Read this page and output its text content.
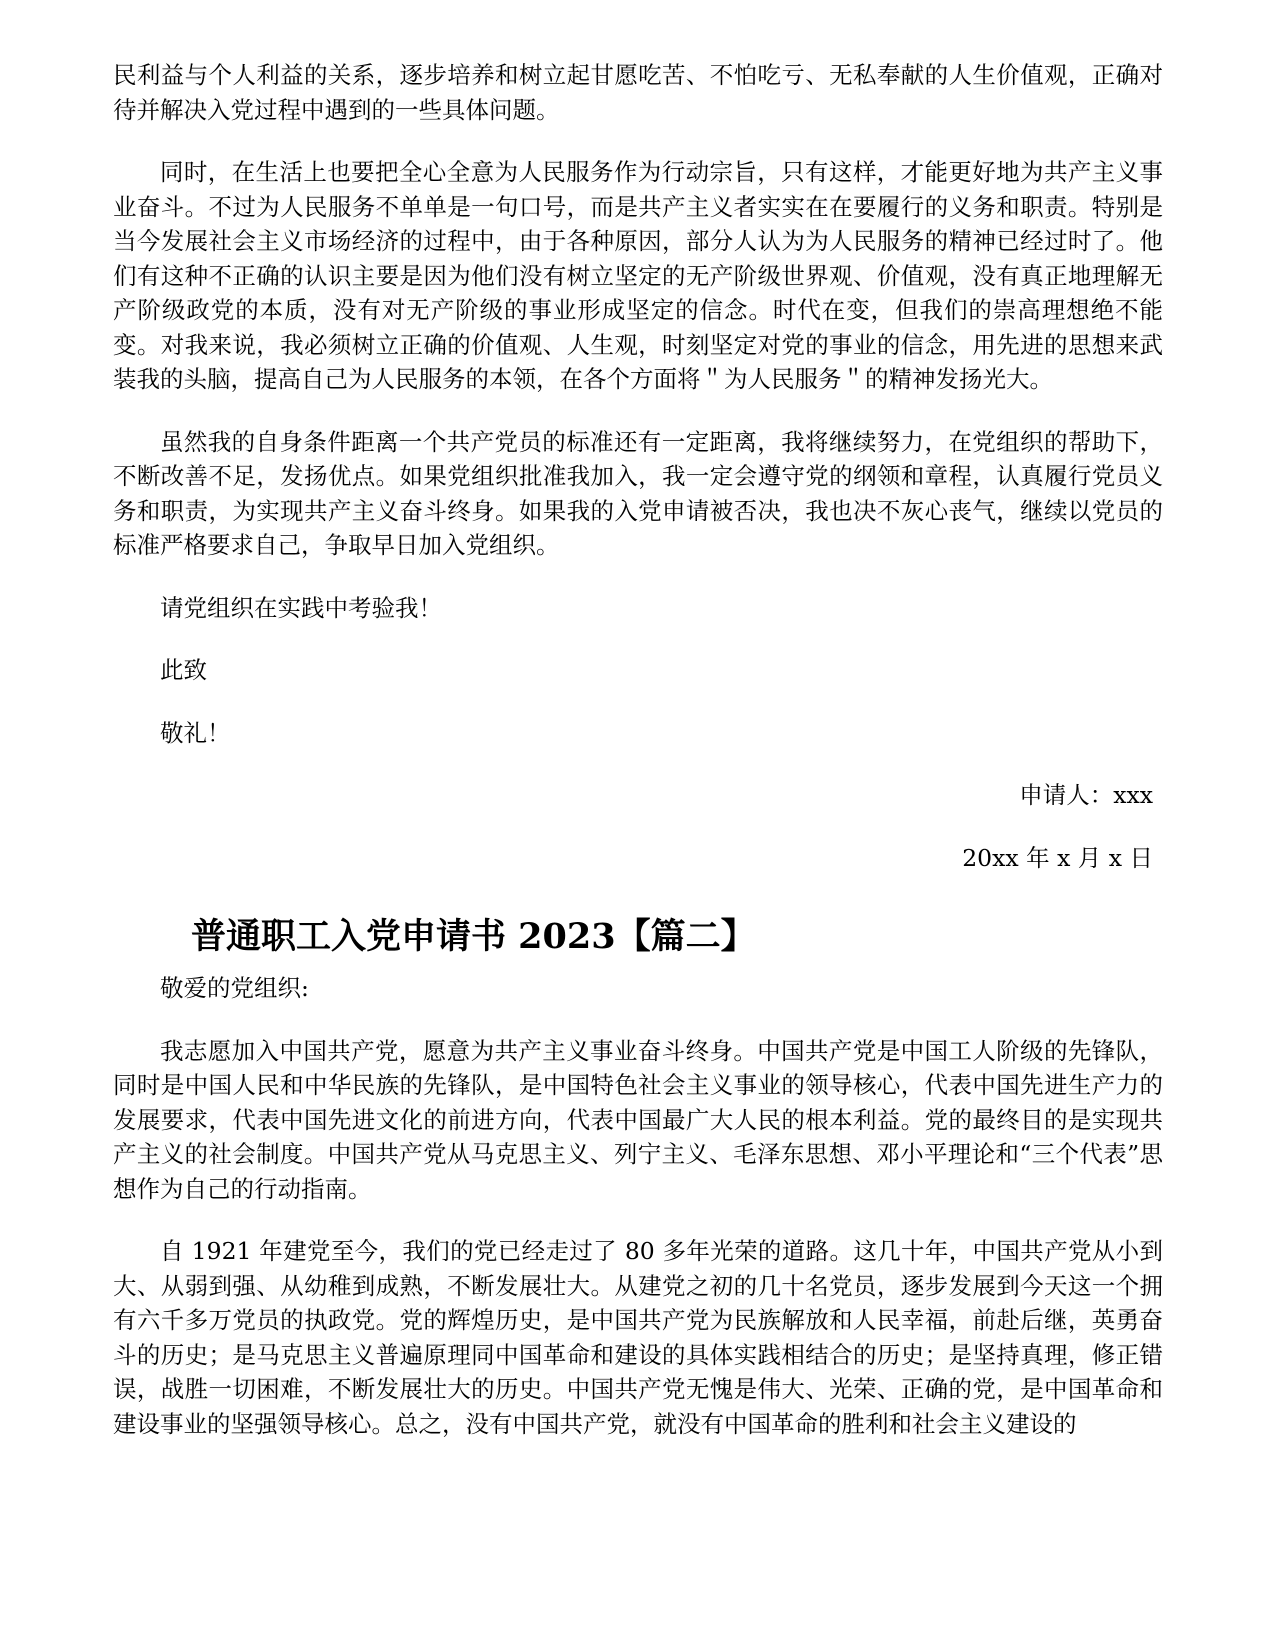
民利益与个人利益的关系，逐步培养和树立起甘愿吃苦、不怕吃亏、无私奉献的人生价值观，正确对待并解决入党过程中遇到的一些具体问题。

同时，在生活上也要把全心全意为人民服务作为行动宗旨，只有这样，才能更好地为共产主义事业奋斗。不过为人民服务不单单是一句口号，而是共产主义者实实在在要履行的义务和职责。特别是当今发展社会主义市场经济的过程中，由于各种原因，部分人认为为人民服务的精神已经过时了。他们有这种不正确的认识主要是因为他们没有树立坚定的无产阶级世界观、价值观，没有真正地理解无产阶级政党的本质，没有对无产阶级的事业形成坚定的信念。时代在变，但我们的崇高理想绝不能变。对我来说，我必须树立正确的价值观、人生观，时刻坚定对党的事业的信念，用先进的思想来武装我的头脑，提高自己为人民服务的本领，在各个方面将＂为人民服务＂的精神发扬光大。

虽然我的自身条件距离一个共产党员的标准还有一定距离，我将继续努力，在党组织的帮助下，不断改善不足，发扬优点。如果党组织批准我加入，我一定会遵守党的纲领和章程，认真履行党员义务和职责，为实现共产主义奋斗终身。如果我的入党申请被否决，我也决不灰心丧气，继续以党员的标准严格要求自己，争取早日加入党组织。

请党组织在实践中考验我！

此致

敬礼！

申请人：xxx

20xx 年 x 月 x 日

普通职工入党申请书 2023【篇二】

敬爱的党组织:

我志愿加入中国共产党，愿意为共产主义事业奋斗终身。中国共产党是中国工人阶级的先锋队，同时是中国人民和中华民族的先锋队，是中国特色社会主义事业的领导核心，代表中国先进生产力的发展要求，代表中国先进文化的前进方向，代表中国最广大人民的根本利益。党的最终目的是实现共产主义的社会制度。中国共产党从马克思主义、列宁主义、毛泽东思想、邓小平理论和“三个代表”思想作为自己的行动指南。

自 1921 年建党至今，我们的党已经走过了 80 多年光荣的道路。这几十年，中国共产党从小到大、从弱到强、从幼稚到成熟，不断发展壮大。从建党之初的几十名党员，逐步发展到今天这一个拥有六千多万党员的执政党。党的辉煌历史，是中国共产党为民族解放和人民幸福，前赴后继，英勇奋斗的历史；是马克思主义普遍原理同中国革命和建设的具体实践相结合的历史；是坚持真理，修正错误，战胜一切困难，不断发展壮大的历史。中国共产党无愧是伟大、光荣、正确的党，是中国革命和建设事业的坚强领导核心。总之，没有中国共产党，就没有中国革命的胜利和社会主义建设的
